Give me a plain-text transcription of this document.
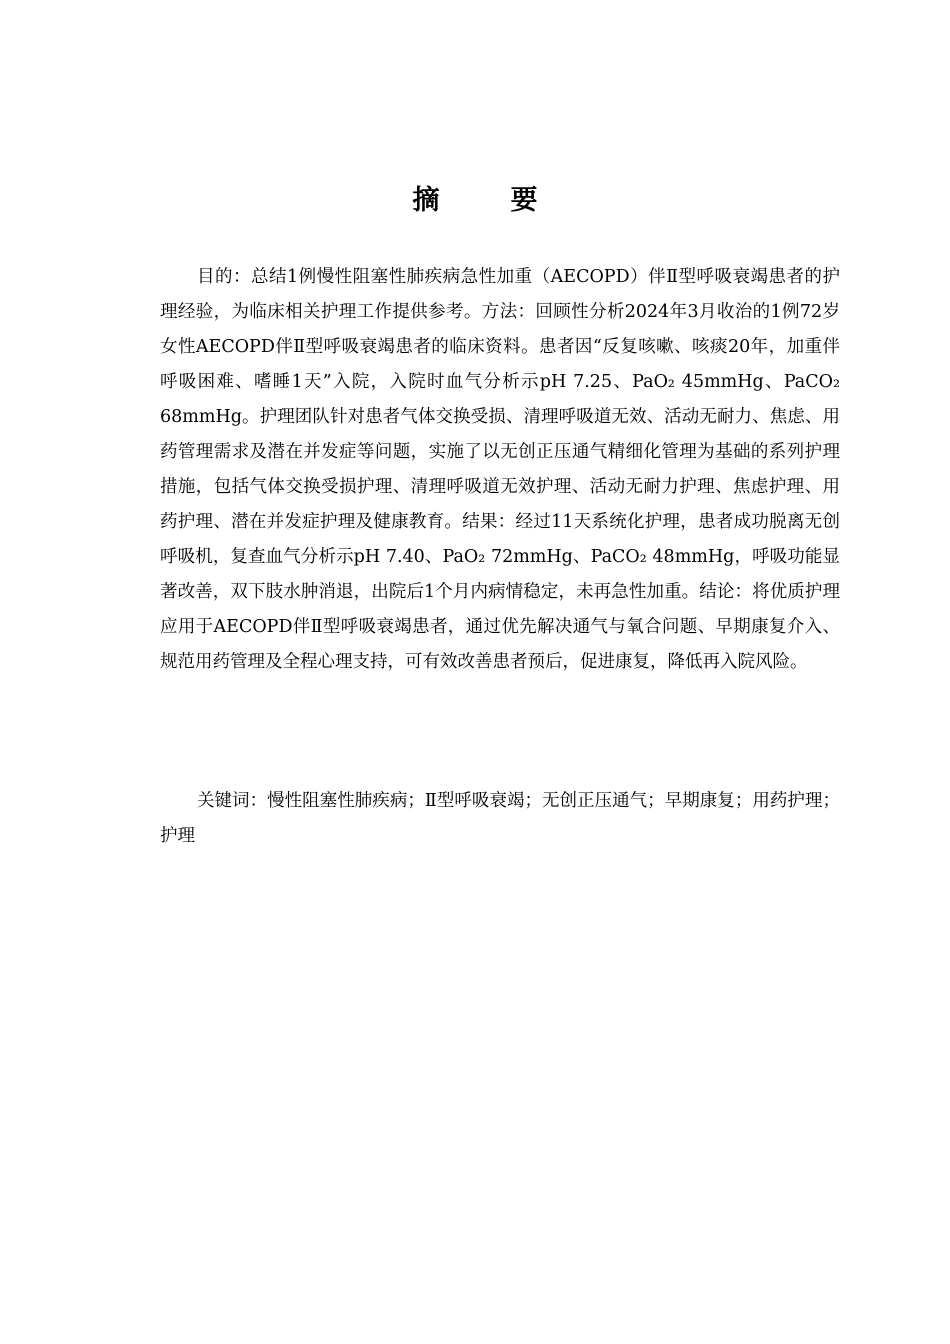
摘　要

目的：总结1例慢性阻塞性肺疾病急性加重（AECOPD）伴Ⅱ型呼吸衰竭患者的护理经验，为临床相关护理工作提供参考。方法：回顾性分析2024年3月收治的1例72岁女性AECOPD伴Ⅱ型呼吸衰竭患者的临床资料。患者因“反复咳嗽、咳痰20年，加重伴呼吸困难、嗜睡1天”入院，入院时血气分析示pH 7.25、PaO₂ 45mmHg、PaCO₂ 68mmHg。护理团队针对患者气体交换受损、清理呼吸道无效、活动无耐力、焦虑、用药管理需求及潜在并发症等问题，实施了以无创正压通气精细化管理为基础的系列护理措施，包括气体交换受损护理、清理呼吸道无效护理、活动无耐力护理、焦虑护理、用药护理、潜在并发症护理及健康教育。结果：经过11天系统化护理，患者成功脱离无创呼吸机，复查血气分析示pH 7.40、PaO₂ 72mmHg、PaCO₂ 48mmHg，呼吸功能显著改善，双下肢水肿消退，出院后1个月内病情稳定，未再急性加重。结论：将优质护理应用于AECOPD伴Ⅱ型呼吸衰竭患者，通过优先解决通气与氧合问题、早期康复介入、规范用药管理及全程心理支持，可有效改善患者预后，促进康复，降低再入院风险。

关键词：慢性阻塞性肺疾病；Ⅱ型呼吸衰竭；无创正压通气；早期康复；用药护理；护理
